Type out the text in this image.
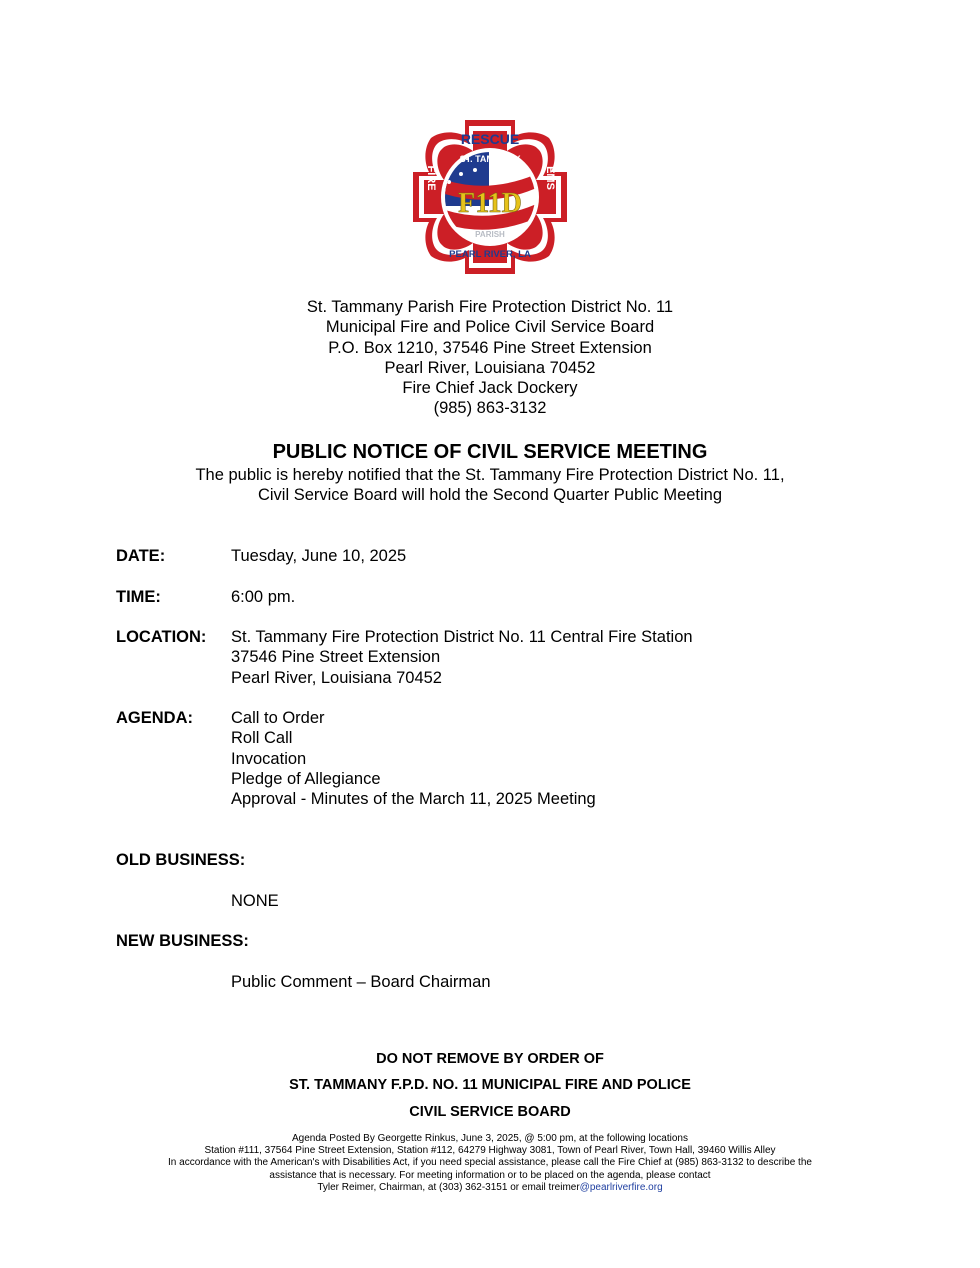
RESCUE
ST. TAMMANY
FIRE	EMS
F11D
PARISH
PEARL RIVER, LA
St. Tammany Parish Fire Protection District No. 11
Municipal Fire and Police Civil Service Board
P.O. Box 1210, 37546 Pine Street Extension
Pearl River, Louisiana 70452
Fire Chief Jack Dockery
(985) 863-3132
PUBLIC NOTICE OF CIVIL SERVICE MEETING
The public is hereby notified that the St. Tammany Fire Protection District No. 11,
Civil Service Board will hold the Second Quarter Public Meeting
DATE:	Tuesday, June 10, 2025
TIME:	6:00 pm.
LOCATION: St. Tammany Fire Protection District No. 11 Central Fire Station
37546 Pine Street Extension
Pearl River, Louisiana 70452
AGENDA: Call to Order
Roll Call
Invocation
Pledge of Allegiance
Approval - Minutes of the March 11, 2025 Meeting
OLD BUSINESS:
NONE
NEW BUSINESS:
Public Comment – Board Chairman
DO NOT REMOVE BY ORDER OF
ST. TAMMANY F.P.D. NO. 11 MUNICIPAL FIRE AND POLICE
CIVIL SERVICE BOARD
Agenda Posted By Georgette Rinkus, June 3, 2025, @ 5:00 pm, at the following locations
Station #111, 37564 Pine Street Extension, Station #112, 64279 Highway 3081, Town of Pearl River, Town Hall, 39460 Willis Alley
In accordance with the American's with Disabilities Act, if you need special assistance, please call the Fire Chief at (985) 863-3132 to describe the
assistance that is necessary. For meeting information or to be placed on the agenda, please contact
Tyler Reimer, Chairman, at (303) 362-3151 or email treimer@pearlriverfire.org
